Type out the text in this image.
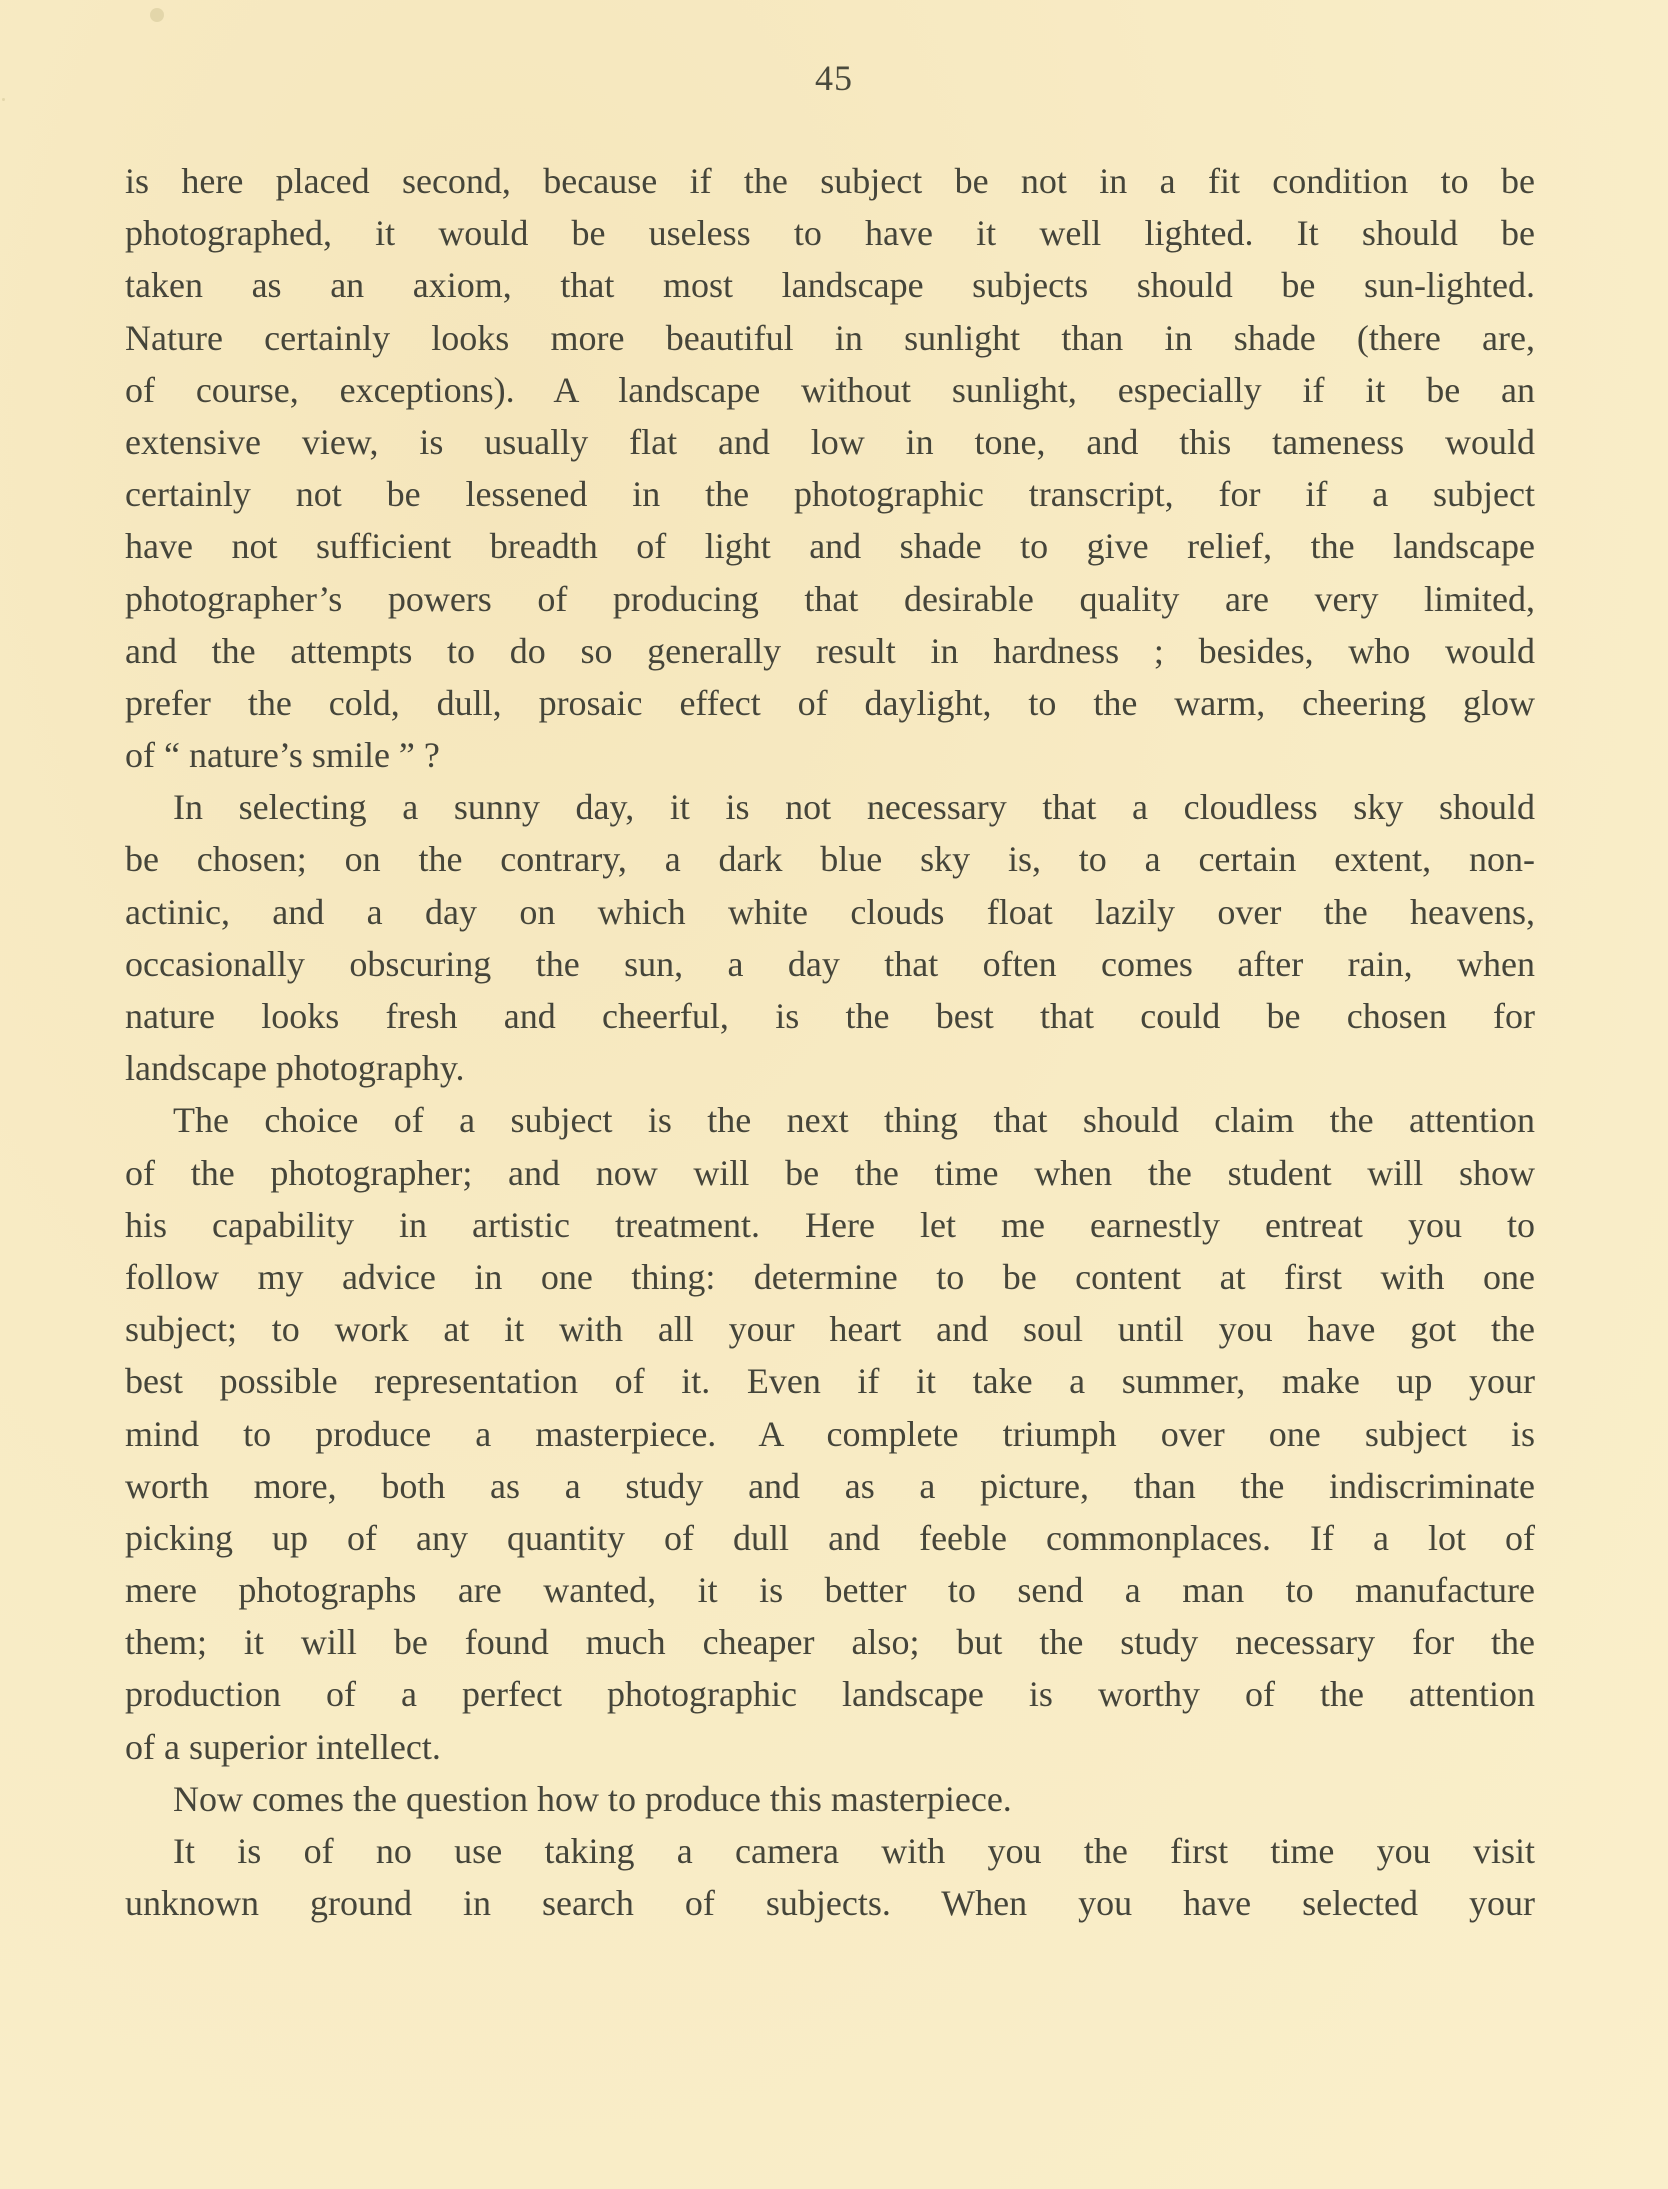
45
is here placed second, because if the subject be not in a fit condition to be
photographed, it would be useless to have it well lighted. It should be
taken as an axiom, that most landscape subjects should be sun-lighted.
Nature certainly looks more beautiful in sunlight than in shade (there are,
of course, exceptions). A landscape without sunlight, especially if it be an
extensive view, is usually flat and low in tone, and this tameness would
certainly not be lessened in the photographic transcript, for if a subject
have not sufficient breadth of light and shade to give relief, the landscape
photographer’s powers of producing that desirable quality are very limited,
and the attempts to do so generally result in hardness ; besides, who would
prefer the cold, dull, prosaic effect of daylight, to the warm, cheering glow
of “ nature’s smile ” ?
In selecting a sunny day, it is not necessary that a cloudless sky should
be chosen; on the contrary, a dark blue sky is, to a certain extent, non-
actinic, and a day on which white clouds float lazily over the heavens,
occasionally obscuring the sun, a day that often comes after rain, when
nature looks fresh and cheerful, is the best that could be chosen for
landscape photography.
The choice of a subject is the next thing that should claim the attention
of the photographer; and now will be the time when the student will show
his capability in artistic treatment. Here let me earnestly entreat you to
follow my advice in one thing: determine to be content at first with one
subject; to work at it with all your heart and soul until you have got the
best possible representation of it. Even if it take a summer, make up your
mind to produce a masterpiece. A complete triumph over one subject is
worth more, both as a study and as a picture, than the indiscriminate
picking up of any quantity of dull and feeble commonplaces. If a lot of
mere photographs are wanted, it is better to send a man to manufacture
them; it will be found much cheaper also; but the study necessary for the
production of a perfect photographic landscape is worthy of the attention
of a superior intellect.
Now comes the question how to produce this masterpiece.
It is of no use taking a camera with you the first time you visit
unknown ground in search of subjects. When you have selected your
